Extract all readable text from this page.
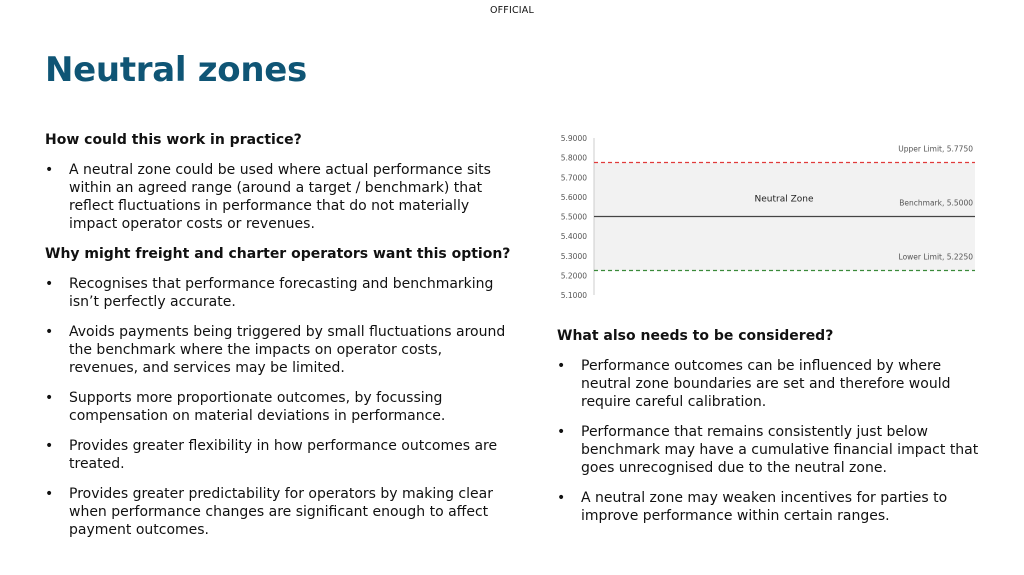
OFFICIAL
Neutral zones

How could this work in practice?

•	A neutral zone could be used where actual performance sits within an agreed range (around a target / benchmark) that reflect fluctuations in performance that do not materially impact operator costs or revenues.

Why might freight and charter operators want this option?

•	Recognises that performance forecasting and benchmarking isn’t perfectly accurate.
•	Avoids payments being triggered by small fluctuations around the benchmark where the impacts on operator costs, revenues, and services may be limited.
•	Supports more proportionate outcomes, by focussing compensation on material deviations in performance.
•	Provides greater flexibility in how performance outcomes are treated.
•	Provides greater predictability for operators by making clear when performance changes are significant enough to affect payment outcomes.
5.1000
5.2000
5.3000
5.4000
5.5000
5.6000
5.7000
5.8000
5.9000
Upper Limit, 5.7750
Benchmark, 5.5000
Lower Limit, 5.2250
Neutral Zone

What also needs to be considered?

•	Performance outcomes can be influenced by where neutral zone boundaries are set and therefore would require careful calibration.
•	Performance that remains consistently just below benchmark may have a cumulative financial impact that goes unrecognised due to the neutral zone.
•	A neutral zone may weaken incentives for parties to improve performance within certain ranges.
